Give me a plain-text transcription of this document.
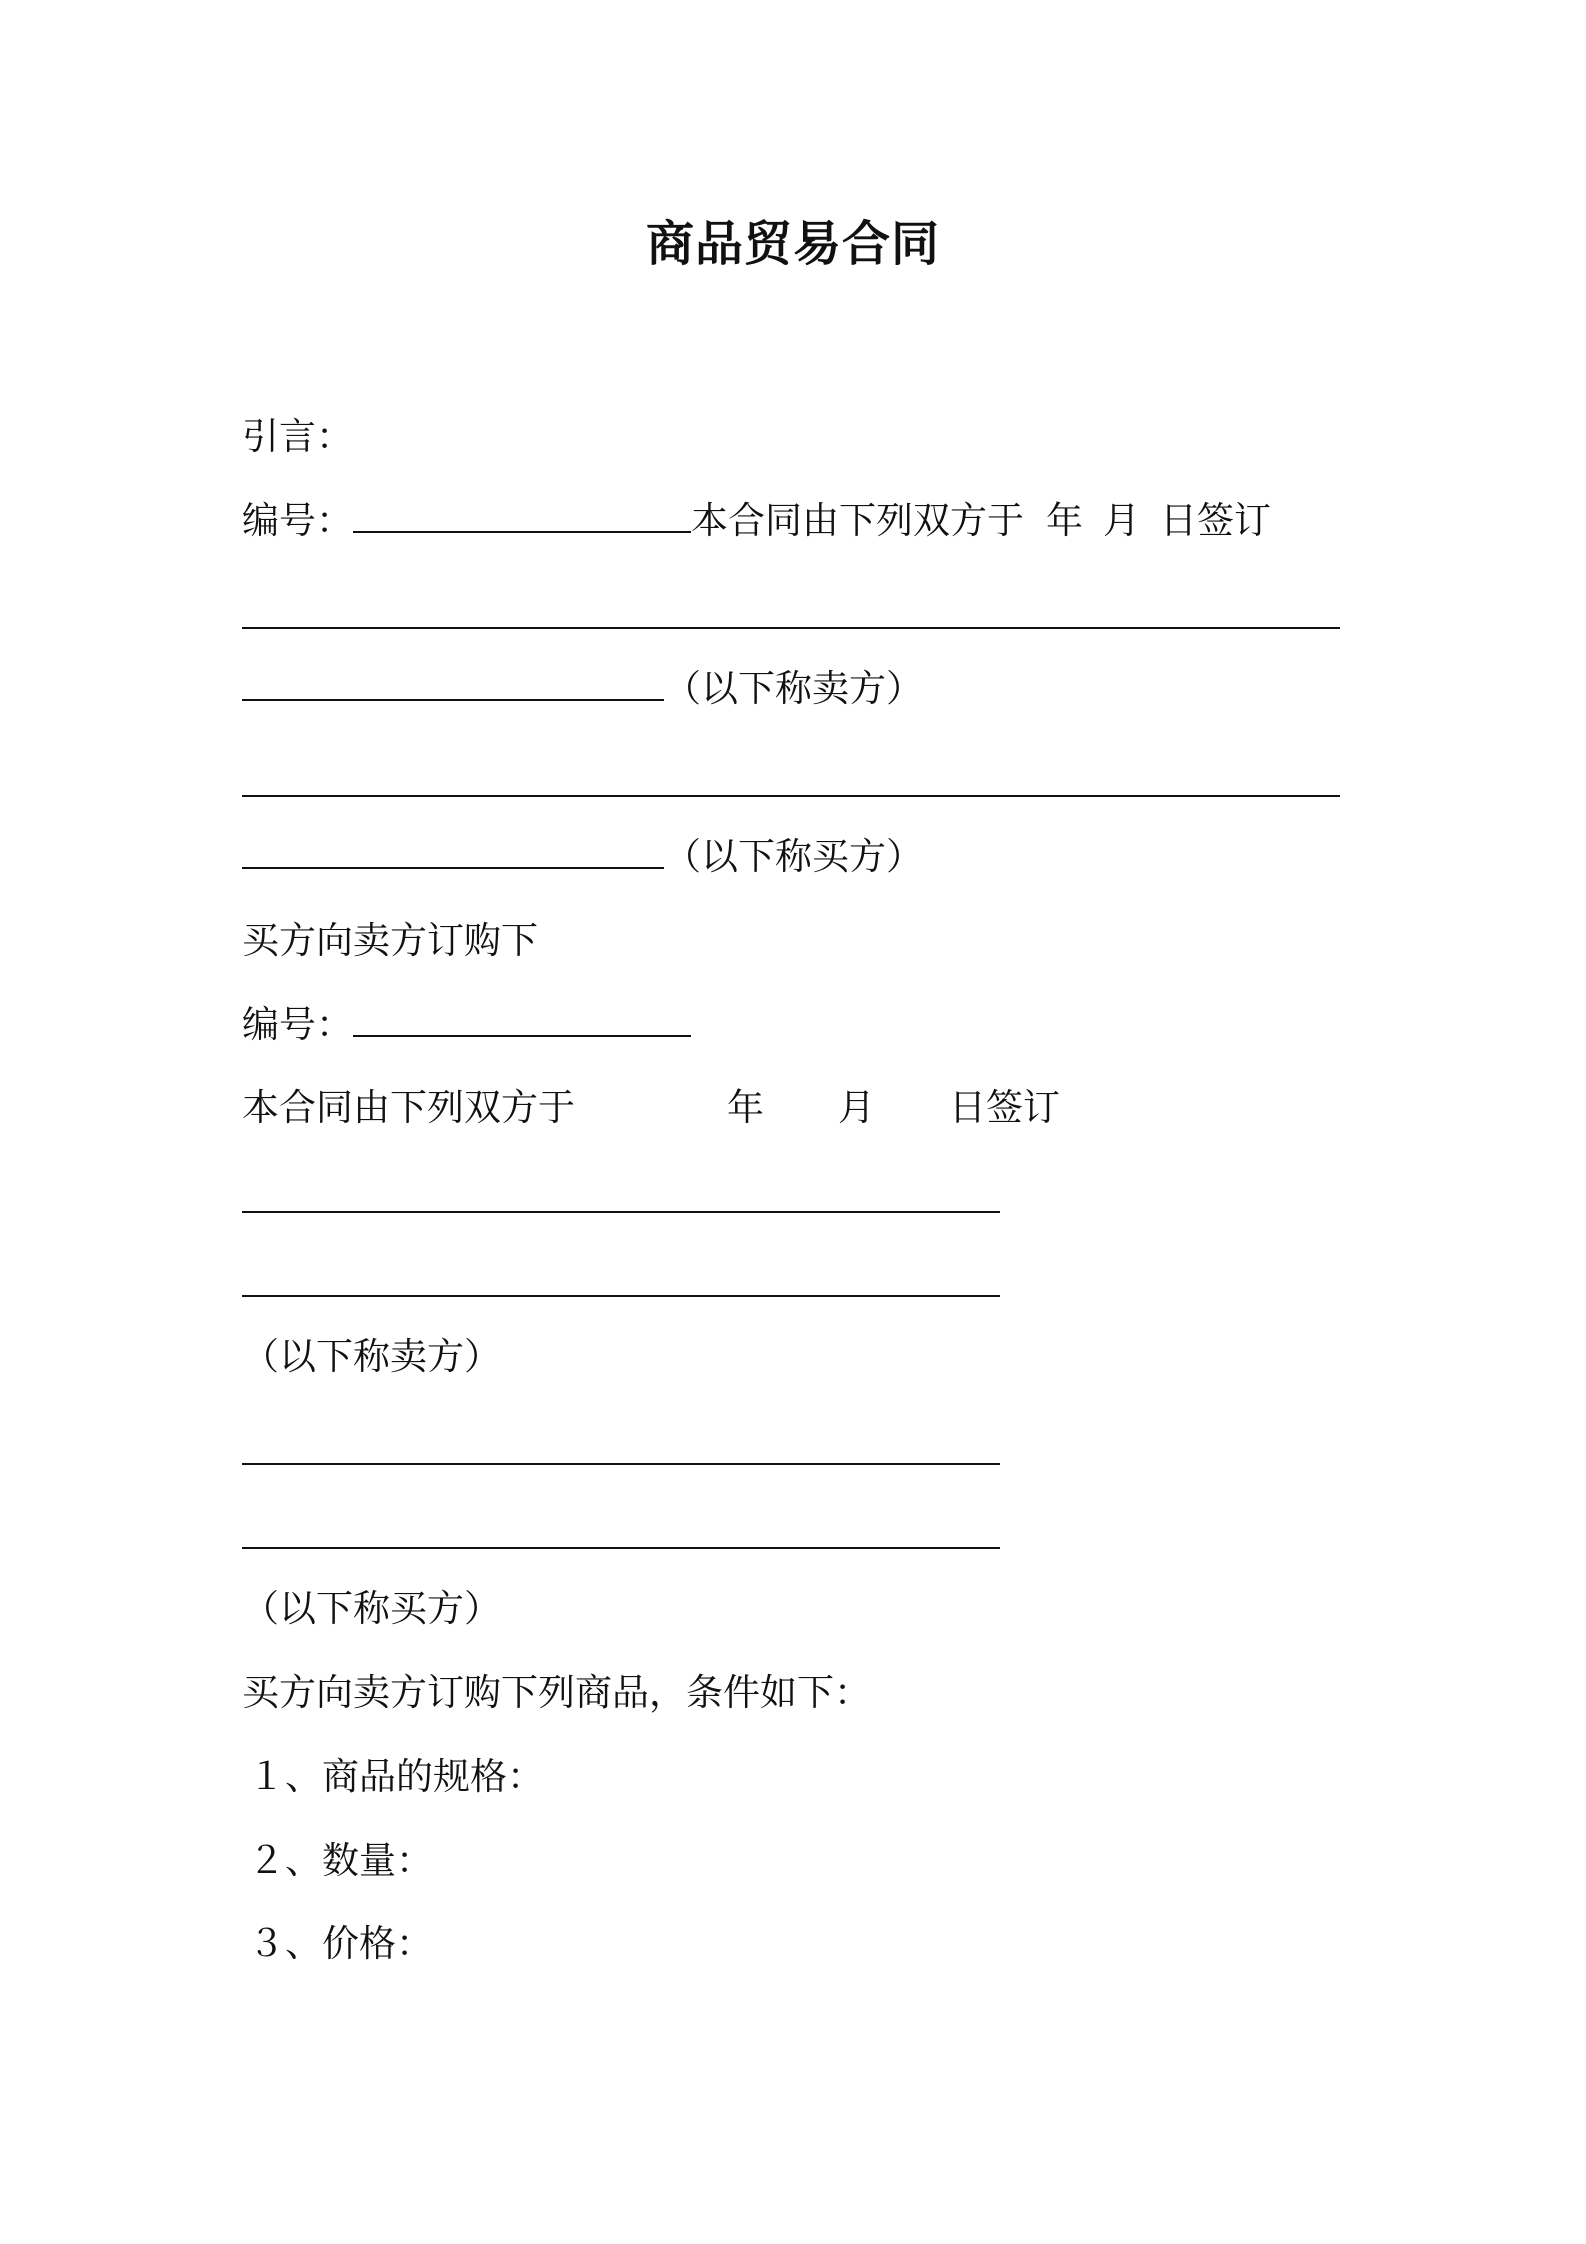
商品贸易合同
引言：
编号：	本合同由下列双方于 年 月 日签订
（以下称卖方）
（以下称买方）
买方向卖方订购下
编号：
本合同由下列双方于	年 月 日签订
（以下称卖方）
（以下称买方）
买方向卖方订购下列商品，条件如下：
１、商品的规格：
２、数量：
３、价格：
